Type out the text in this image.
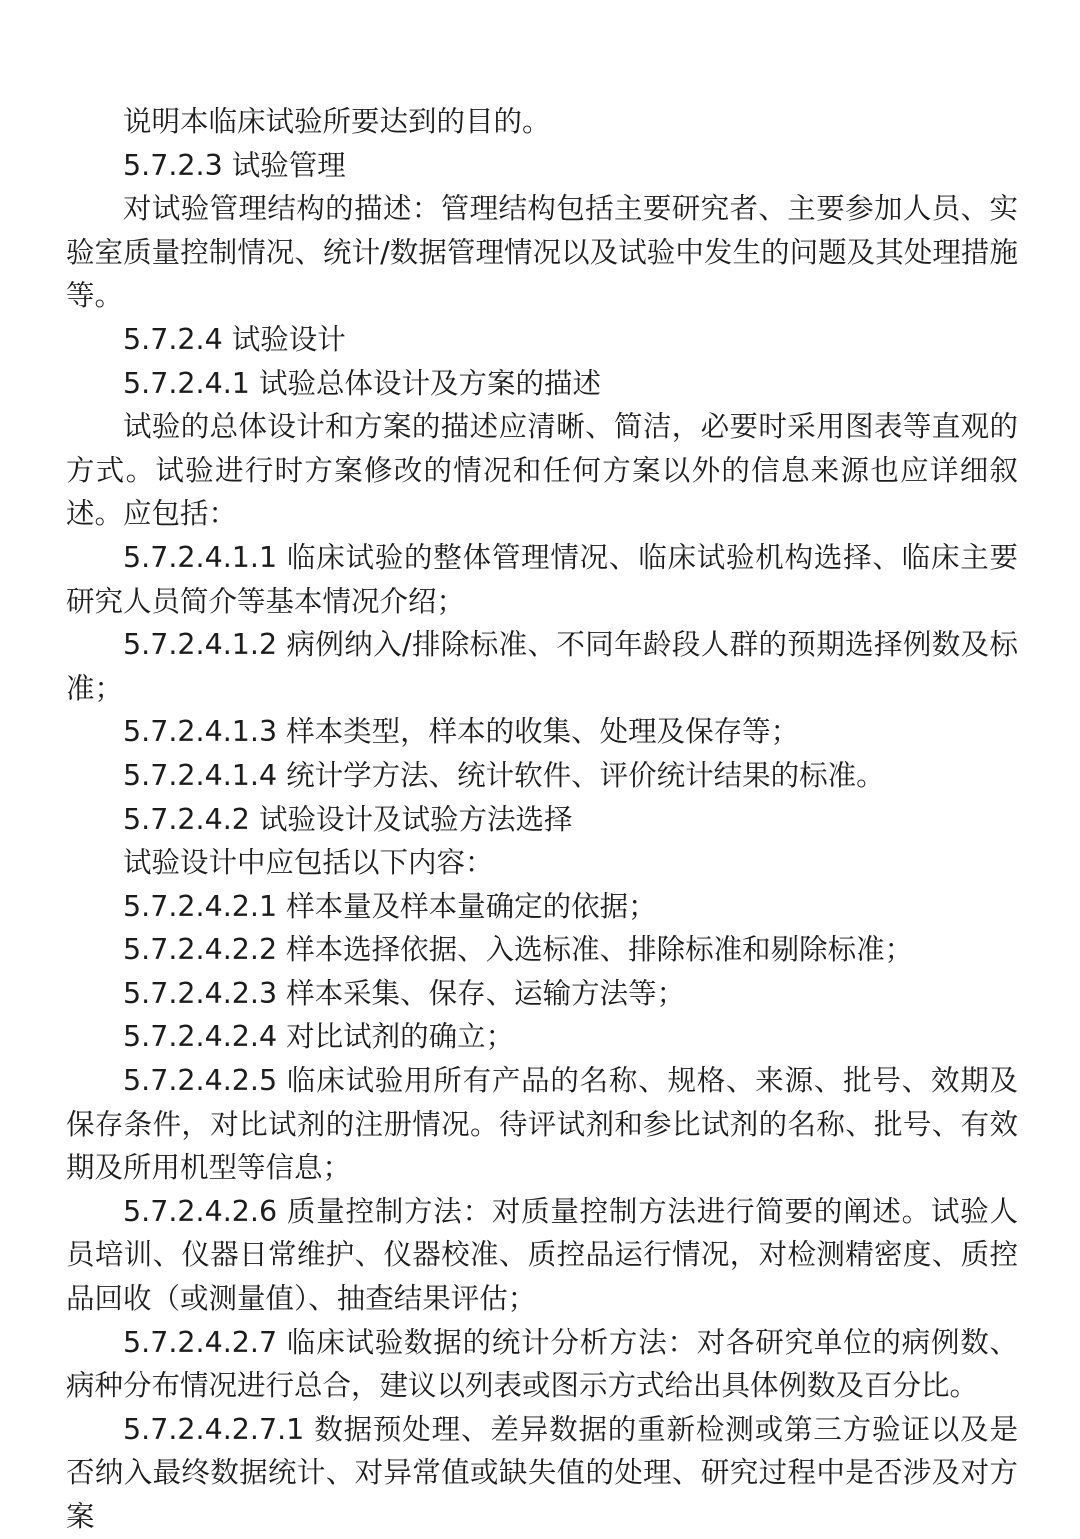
说明本临床试验所要达到的目的。

5.7.2.3 试验管理

对试验管理结构的描述：管理结构包括主要研究者、主要参加人员、实验室质量控制情况、统计/数据管理情况以及试验中发生的问题及其处理措施等。

5.7.2.4 试验设计

5.7.2.4.1 试验总体设计及方案的描述

试验的总体设计和方案的描述应清晰、简洁，必要时采用图表等直观的方式。试验进行时方案修改的情况和任何方案以外的信息来源也应详细叙述。应包括：

5.7.2.4.1.1 临床试验的整体管理情况、临床试验机构选择、临床主要研究人员简介等基本情况介绍；

5.7.2.4.1.2 病例纳入/排除标准、不同年龄段人群的预期选择例数及标准；

5.7.2.4.1.3 样本类型，样本的收集、处理及保存等；

5.7.2.4.1.4 统计学方法、统计软件、评价统计结果的标准。

5.7.2.4.2 试验设计及试验方法选择

试验设计中应包括以下内容：

5.7.2.4.2.1 样本量及样本量确定的依据；

5.7.2.4.2.2 样本选择依据、入选标准、排除标准和剔除标准；

5.7.2.4.2.3 样本采集、保存、运输方法等；

5.7.2.4.2.4 对比试剂的确立；

5.7.2.4.2.5 临床试验用所有产品的名称、规格、来源、批号、效期及保存条件，对比试剂的注册情况。待评试剂和参比试剂的名称、批号、有效期及所用机型等信息；

5.7.2.4.2.6 质量控制方法：对质量控制方法进行简要的阐述。试验人员培训、仪器日常维护、仪器校准、质控品运行情况，对检测精密度、质控品回收（或测量值）、抽查结果评估；

5.7.2.4.2.7 临床试验数据的统计分析方法：对各研究单位的病例数、病种分布情况进行总合，建议以列表或图示方式给出具体例数及百分比。

5.7.2.4.2.7.1 数据预处理、差异数据的重新检测或第三方验证以及是否纳入最终数据统计、对异常值或缺失值的处理、研究过程中是否涉及对方案
